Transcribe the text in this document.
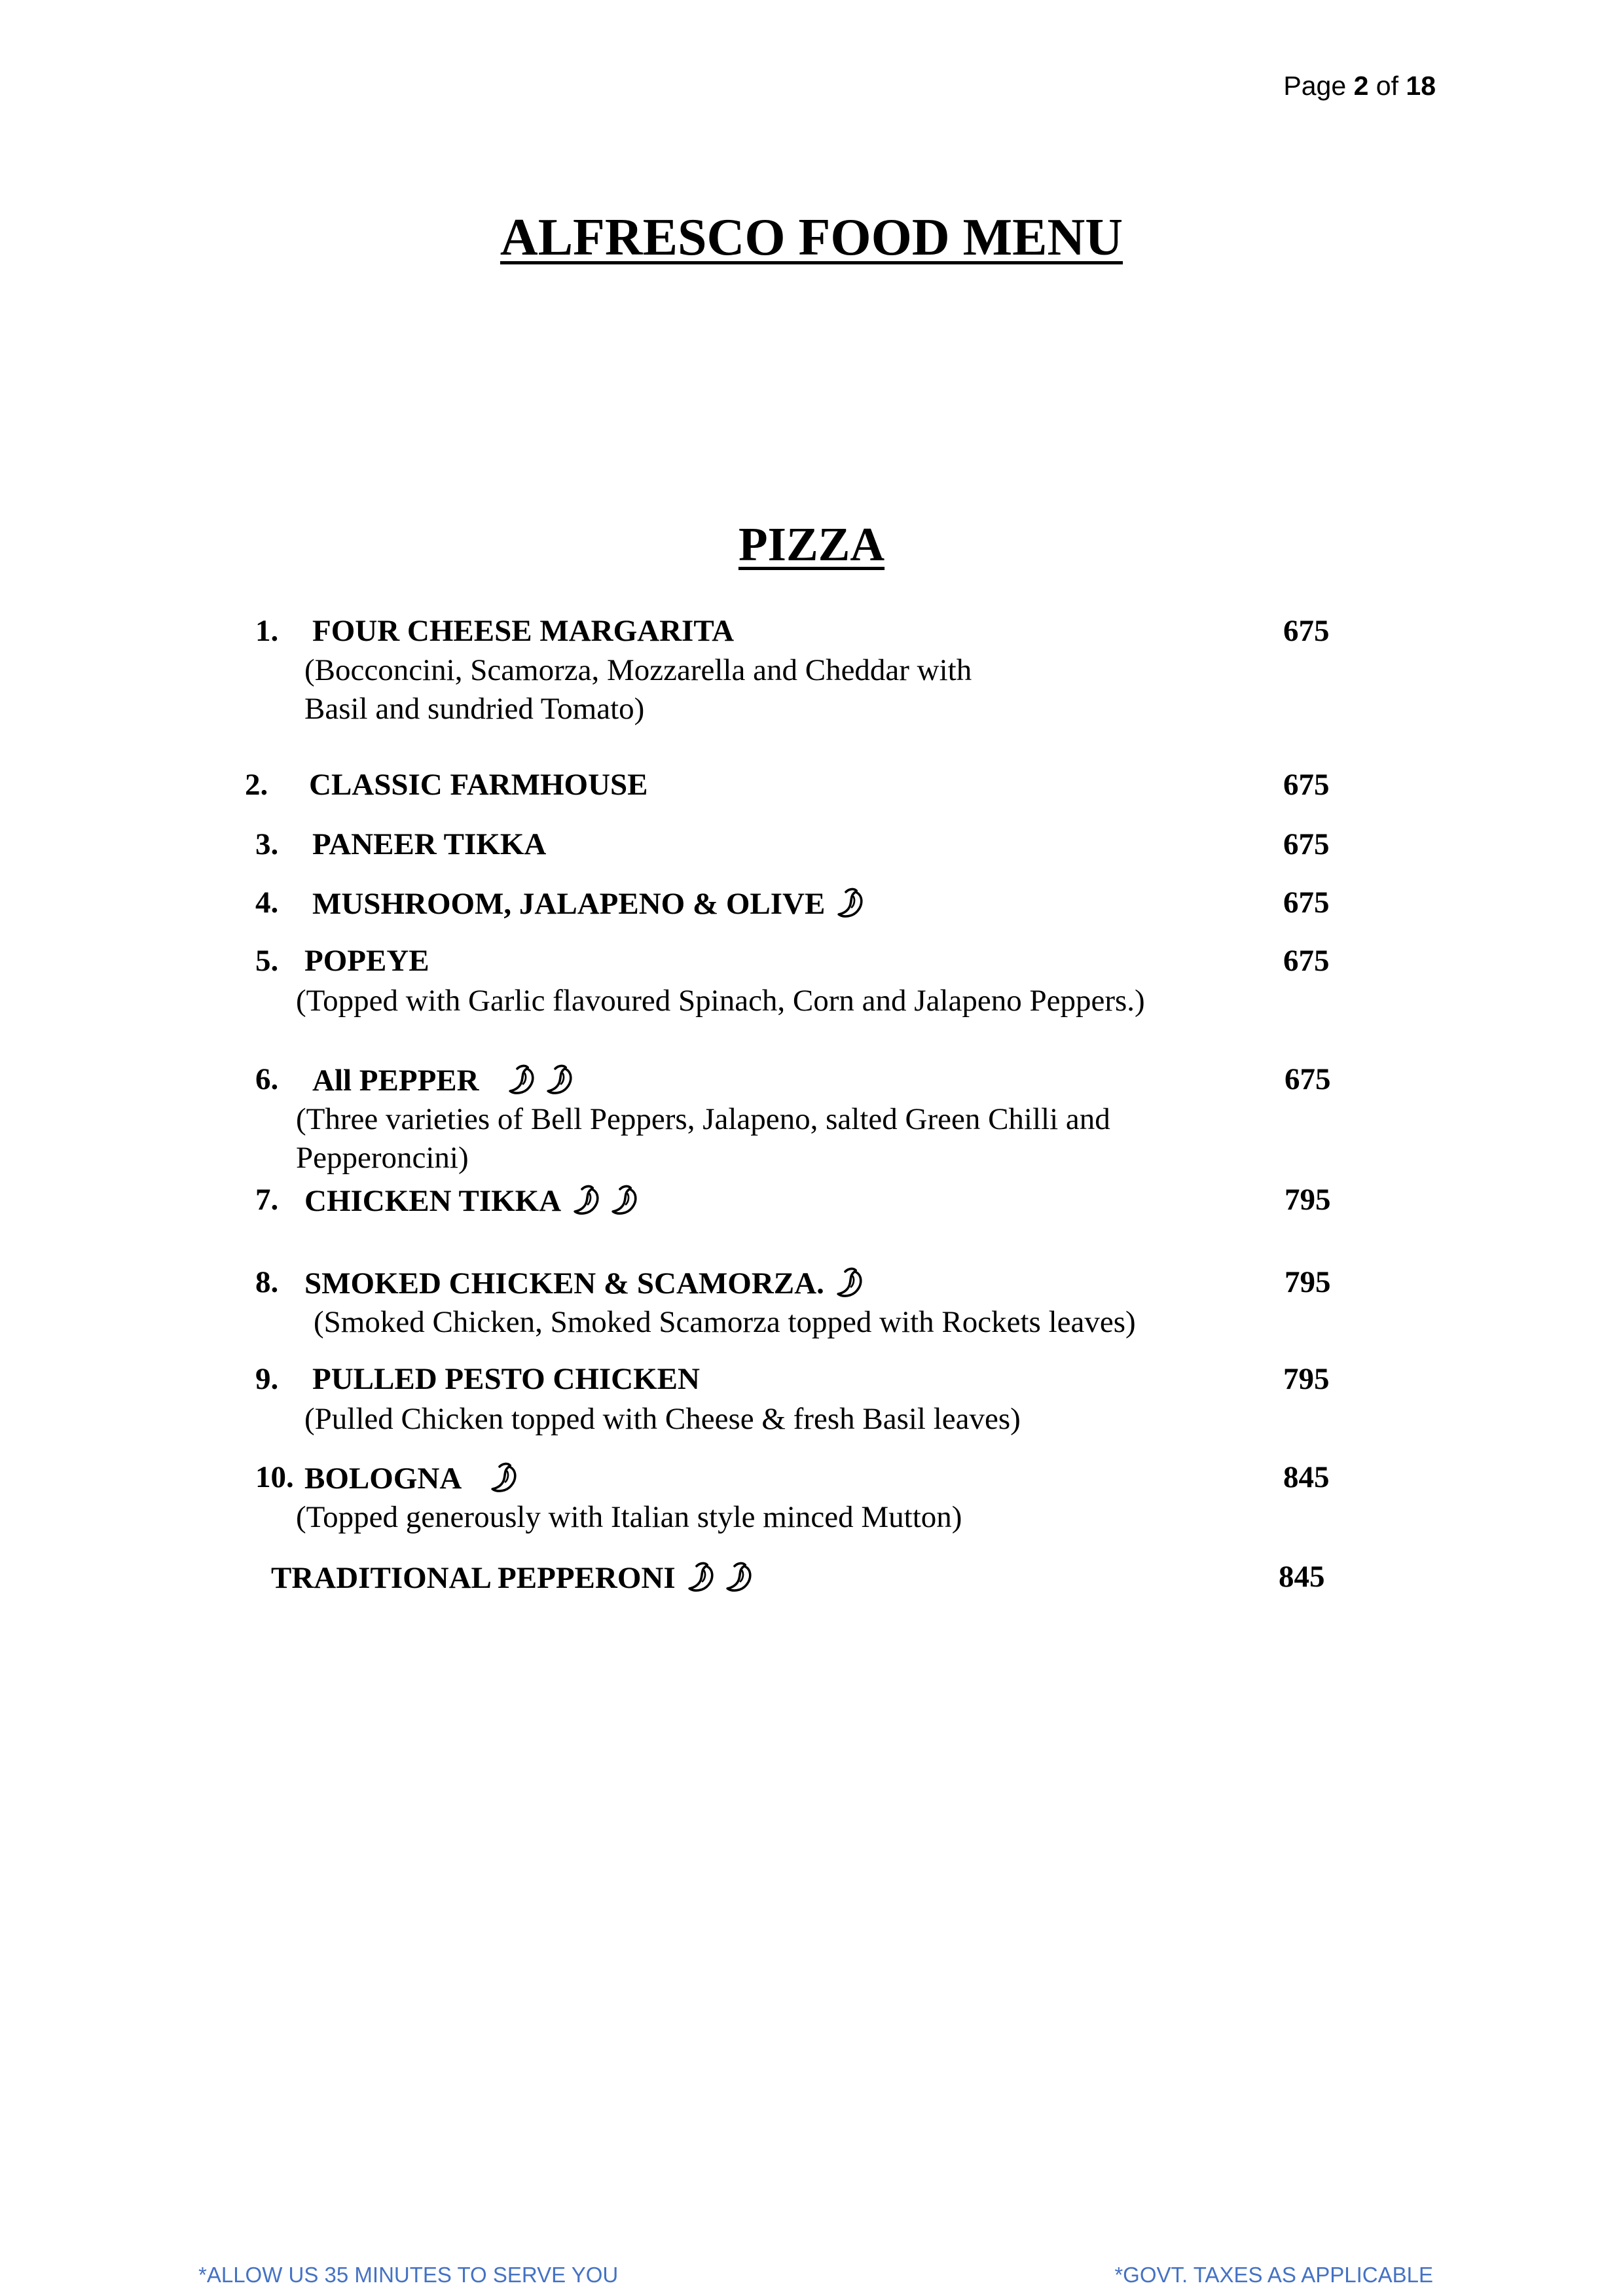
Page 2 of 18
ALFRESCO FOOD MENU
PIZZA
1. FOUR CHEESE MARGARITA	675
(Bocconcini, Scamorza, Mozzarella and Cheddar with
Basil and sundried Tomato)
2. CLASSIC FARMHOUSE	675
3. PANEER TIKKA	675
4. MUSHROOM, JALAPENO & OLIVE	675
5. POPEYE	675
(Topped with Garlic flavoured Spinach, Corn and Jalapeno Peppers.)
6. All PEPPER	675
(Three varieties of Bell Peppers, Jalapeno, salted Green Chilli and
Pepperoncini)
7. CHICKEN TIKKA	795
8. SMOKED CHICKEN & SCAMORZA.	795
(Smoked Chicken, Smoked Scamorza topped with Rockets leaves)
9. PULLED PESTO CHICKEN	795
(Pulled Chicken topped with Cheese & fresh Basil leaves)
10. BOLOGNA	845
(Topped generously with Italian style minced Mutton)
TRADITIONAL PEPPERONI	845
*ALLOW US 35 MINUTES TO SERVE YOU	*GOVT. TAXES AS APPLICABLE
